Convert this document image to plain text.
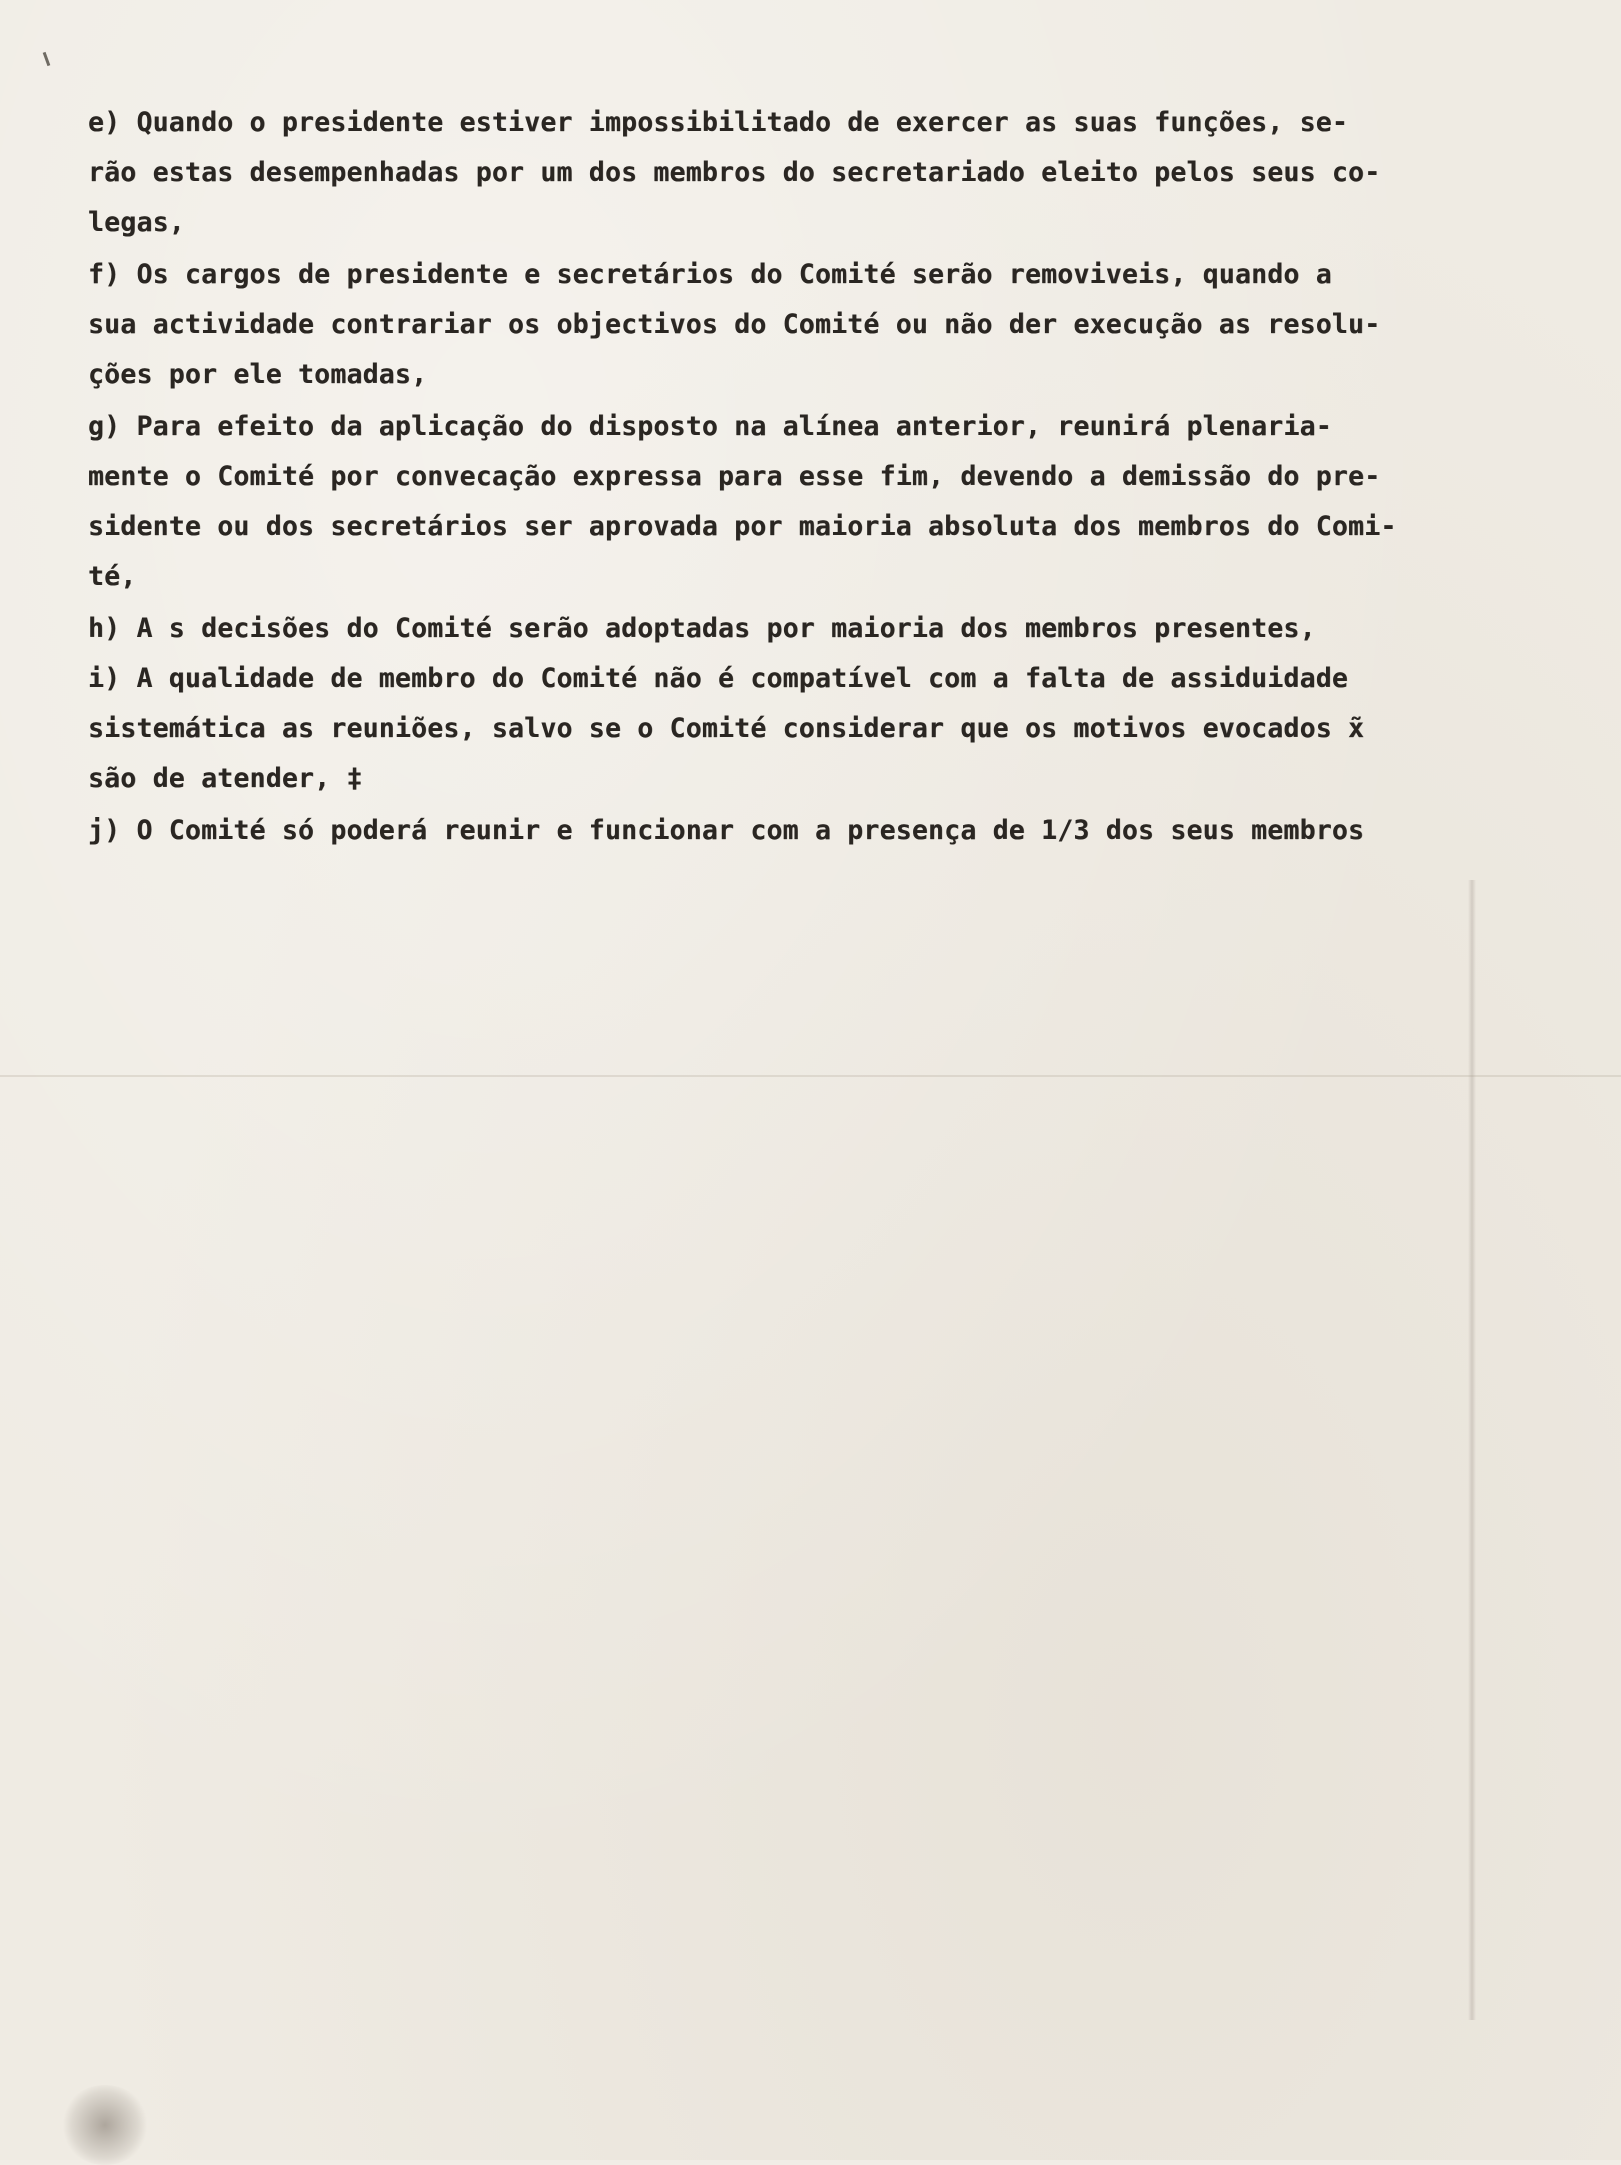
e) Quando o presidente estiver impossibilitado de exercer as suas funções, se-
rão estas desempenhadas por um dos membros do secretariado eleito pelos seus co-
legas,
f) Os cargos de presidente e secretários do Comité serão removiveis, quando a
sua actividade contrariar os objectivos do Comité ou não der execução as resolu-
ções por ele tomadas,
g) Para efeito da aplicação do disposto na alínea anterior, reunirá plenaria-
mente o Comité por convecação expressa para esse fim, devendo a demissão do pre-
sidente ou dos secretários ser aprovada por maioria absoluta dos membros do Comi-
té,
h) A s decisões do Comité serão adoptadas por maioria dos membros presentes,
i) A qualidade de membro do Comité não é compatível com a falta de assiduidade
sistemática as reuniões, salvo se o Comité considerar que os motivos evocados x̃
são de atender, ‡
j) O Comité só poderá reunir e funcionar com a presença de 1/3 dos seus membros
